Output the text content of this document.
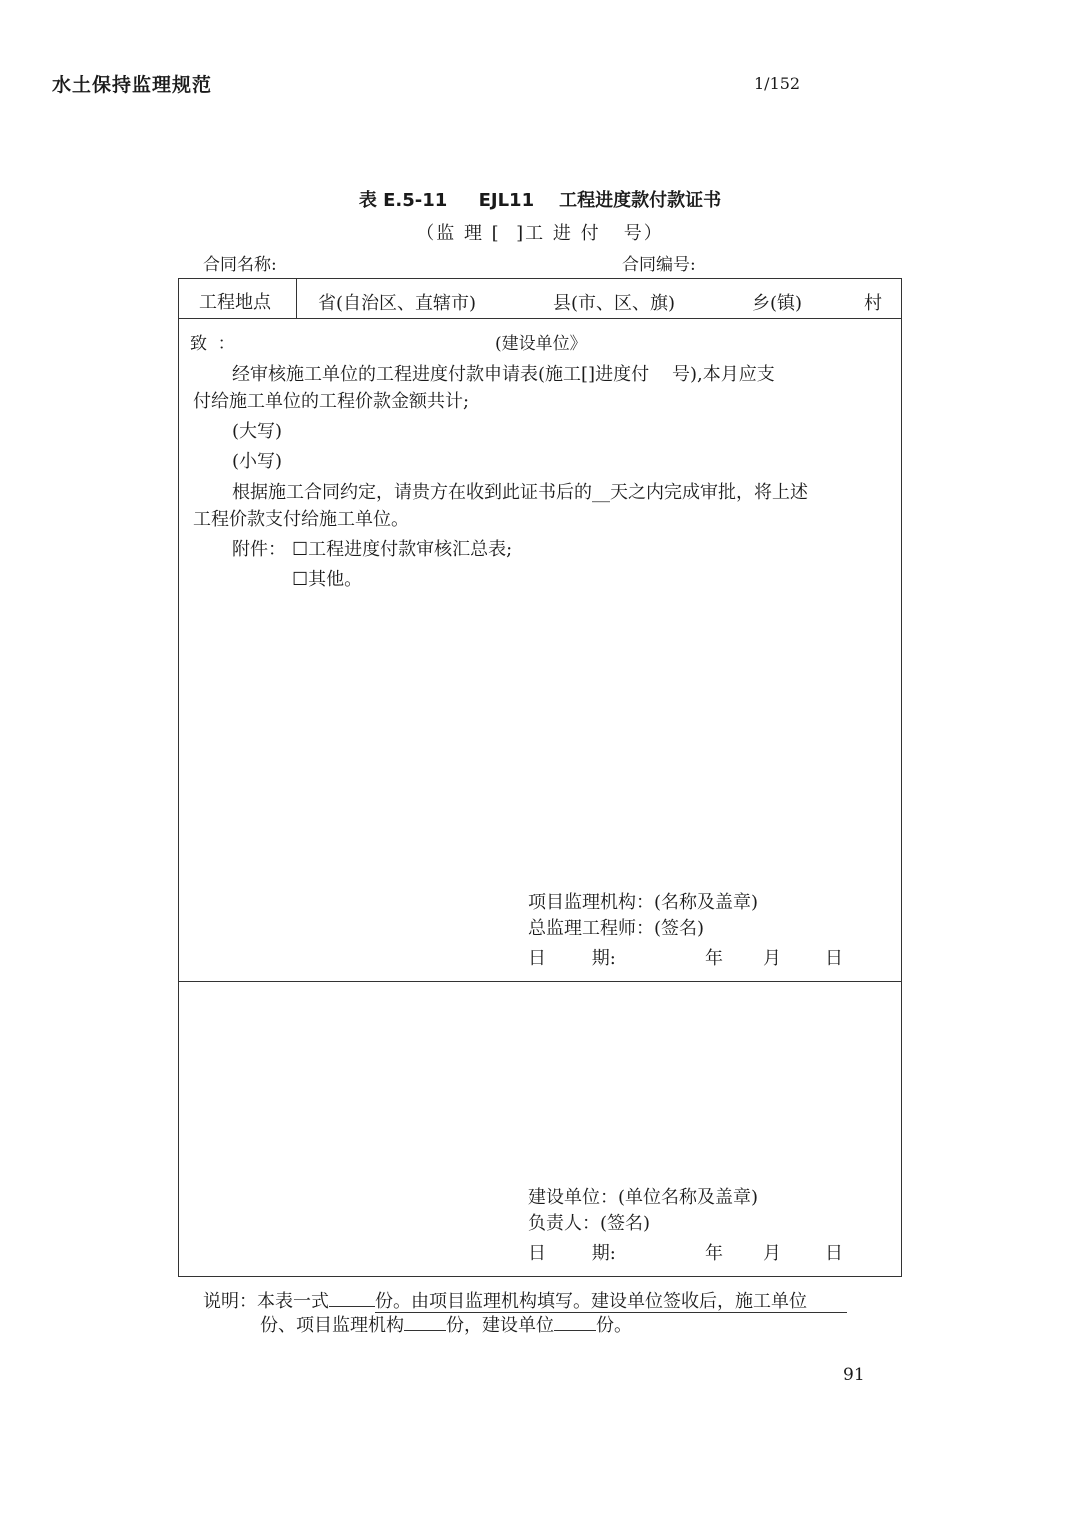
水土保持监理规范	1/152
表 E.5-11     EJL11    工程进度款付款证书
（监 理 [  ]工 进 付   号）
合同名称:	合同编号:
工程地点	省(自治区、直辖市)	县(市、区、旗)	乡(镇)	村
致  ：	(建设单位》
经审核施工单位的工程进度付款申请表(施工[]进度付    号),本月应支
付给施工单位的工程价款金额共计;
(大写)
(小写)
根据施工合同约定，请贵方在收到此证书后的__天之内完成审批，将上述
工程价款支付给施工单位。
附件： ☐工程进度付款审核汇总表;
☐其他。
项目监理机构：(名称及盖章)
总监理工程师：(签名)
日        期:	年 月 日
建设单位：(单位名称及盖章)
负责人：(签名)
日        期:	年 月 日
说明：本表一式	份。由项目监理机构填写。建设单位签收后，施工单位
份、项目监理机构 份，建设单位 份。
91
